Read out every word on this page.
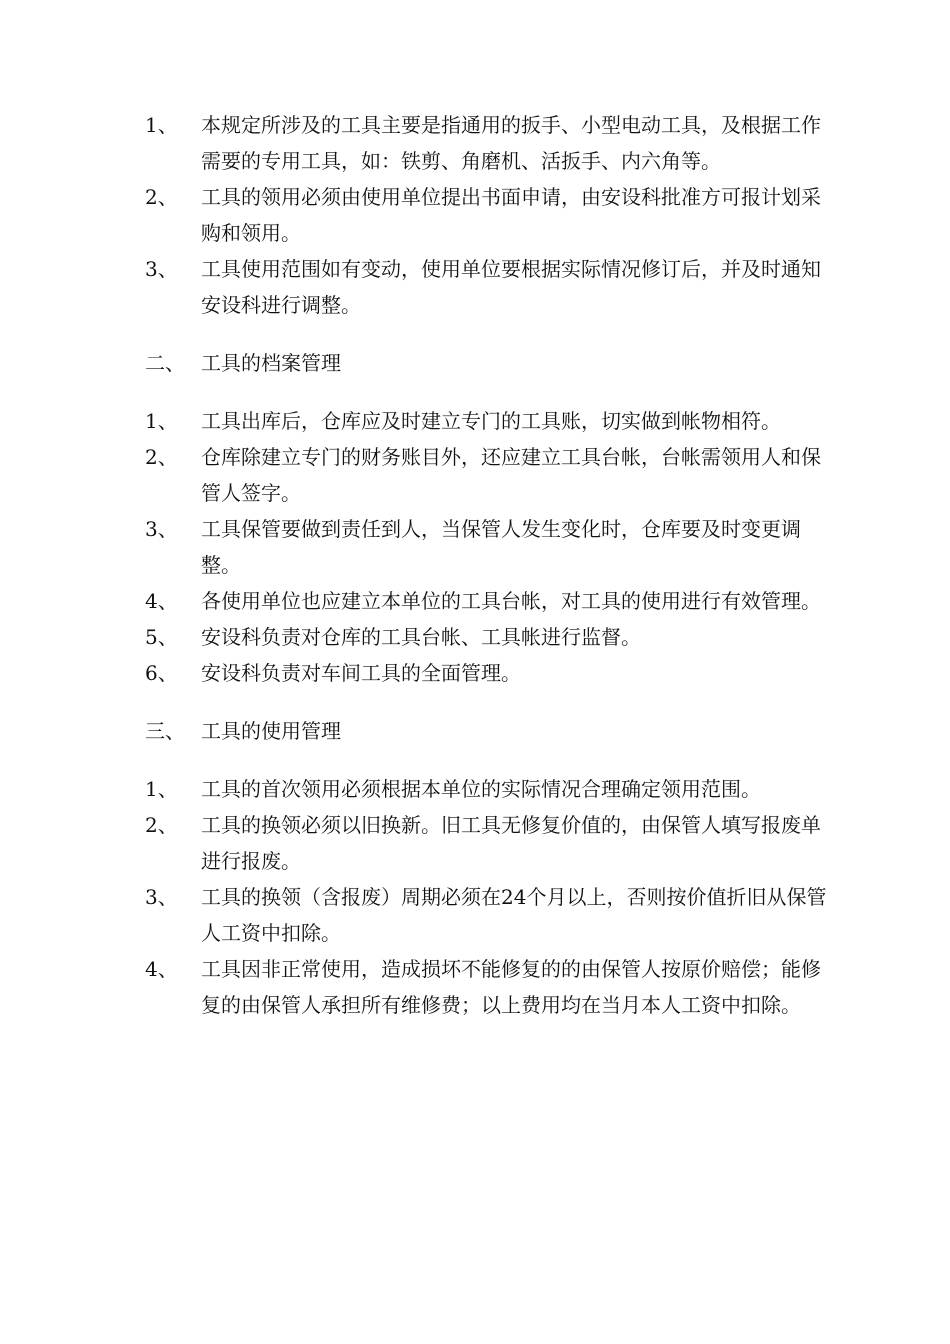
1、	本规定所涉及的工具主要是指通用的扳手、小型电动工具，及根据工作需要的专用工具，如：铁剪、角磨机、活扳手、内六角等。
2、	工具的领用必须由使用单位提出书面申请，由安设科批准方可报计划采购和领用。
3、	工具使用范围如有变动，使用单位要根据实际情况修订后，并及时通知安设科进行调整。
二、 工具的档案管理
1、	工具出库后，仓库应及时建立专门的工具账，切实做到帐物相符。
2、	仓库除建立专门的财务账目外，还应建立工具台帐，台帐需领用人和保管人签字。
3、	工具保管要做到责任到人，当保管人发生变化时，仓库要及时变更调整。
4、	各使用单位也应建立本单位的工具台帐，对工具的使用进行有效管理。
5、	安设科负责对仓库的工具台帐、工具帐进行监督。
6、	安设科负责对车间工具的全面管理。
三、 工具的使用管理
1、	工具的首次领用必须根据本单位的实际情况合理确定领用范围。
2、	工具的换领必须以旧换新。旧工具无修复价值的，由保管人填写报废单进行报废。
3、	工具的换领（含报废）周期必须在24个月以上，否则按价值折旧从保管人工资中扣除。
4、	工具因非正常使用，造成损坏不能修复的的由保管人按原价赔偿；能修复的由保管人承担所有维修费；以上费用均在当月本人工资中扣除。
